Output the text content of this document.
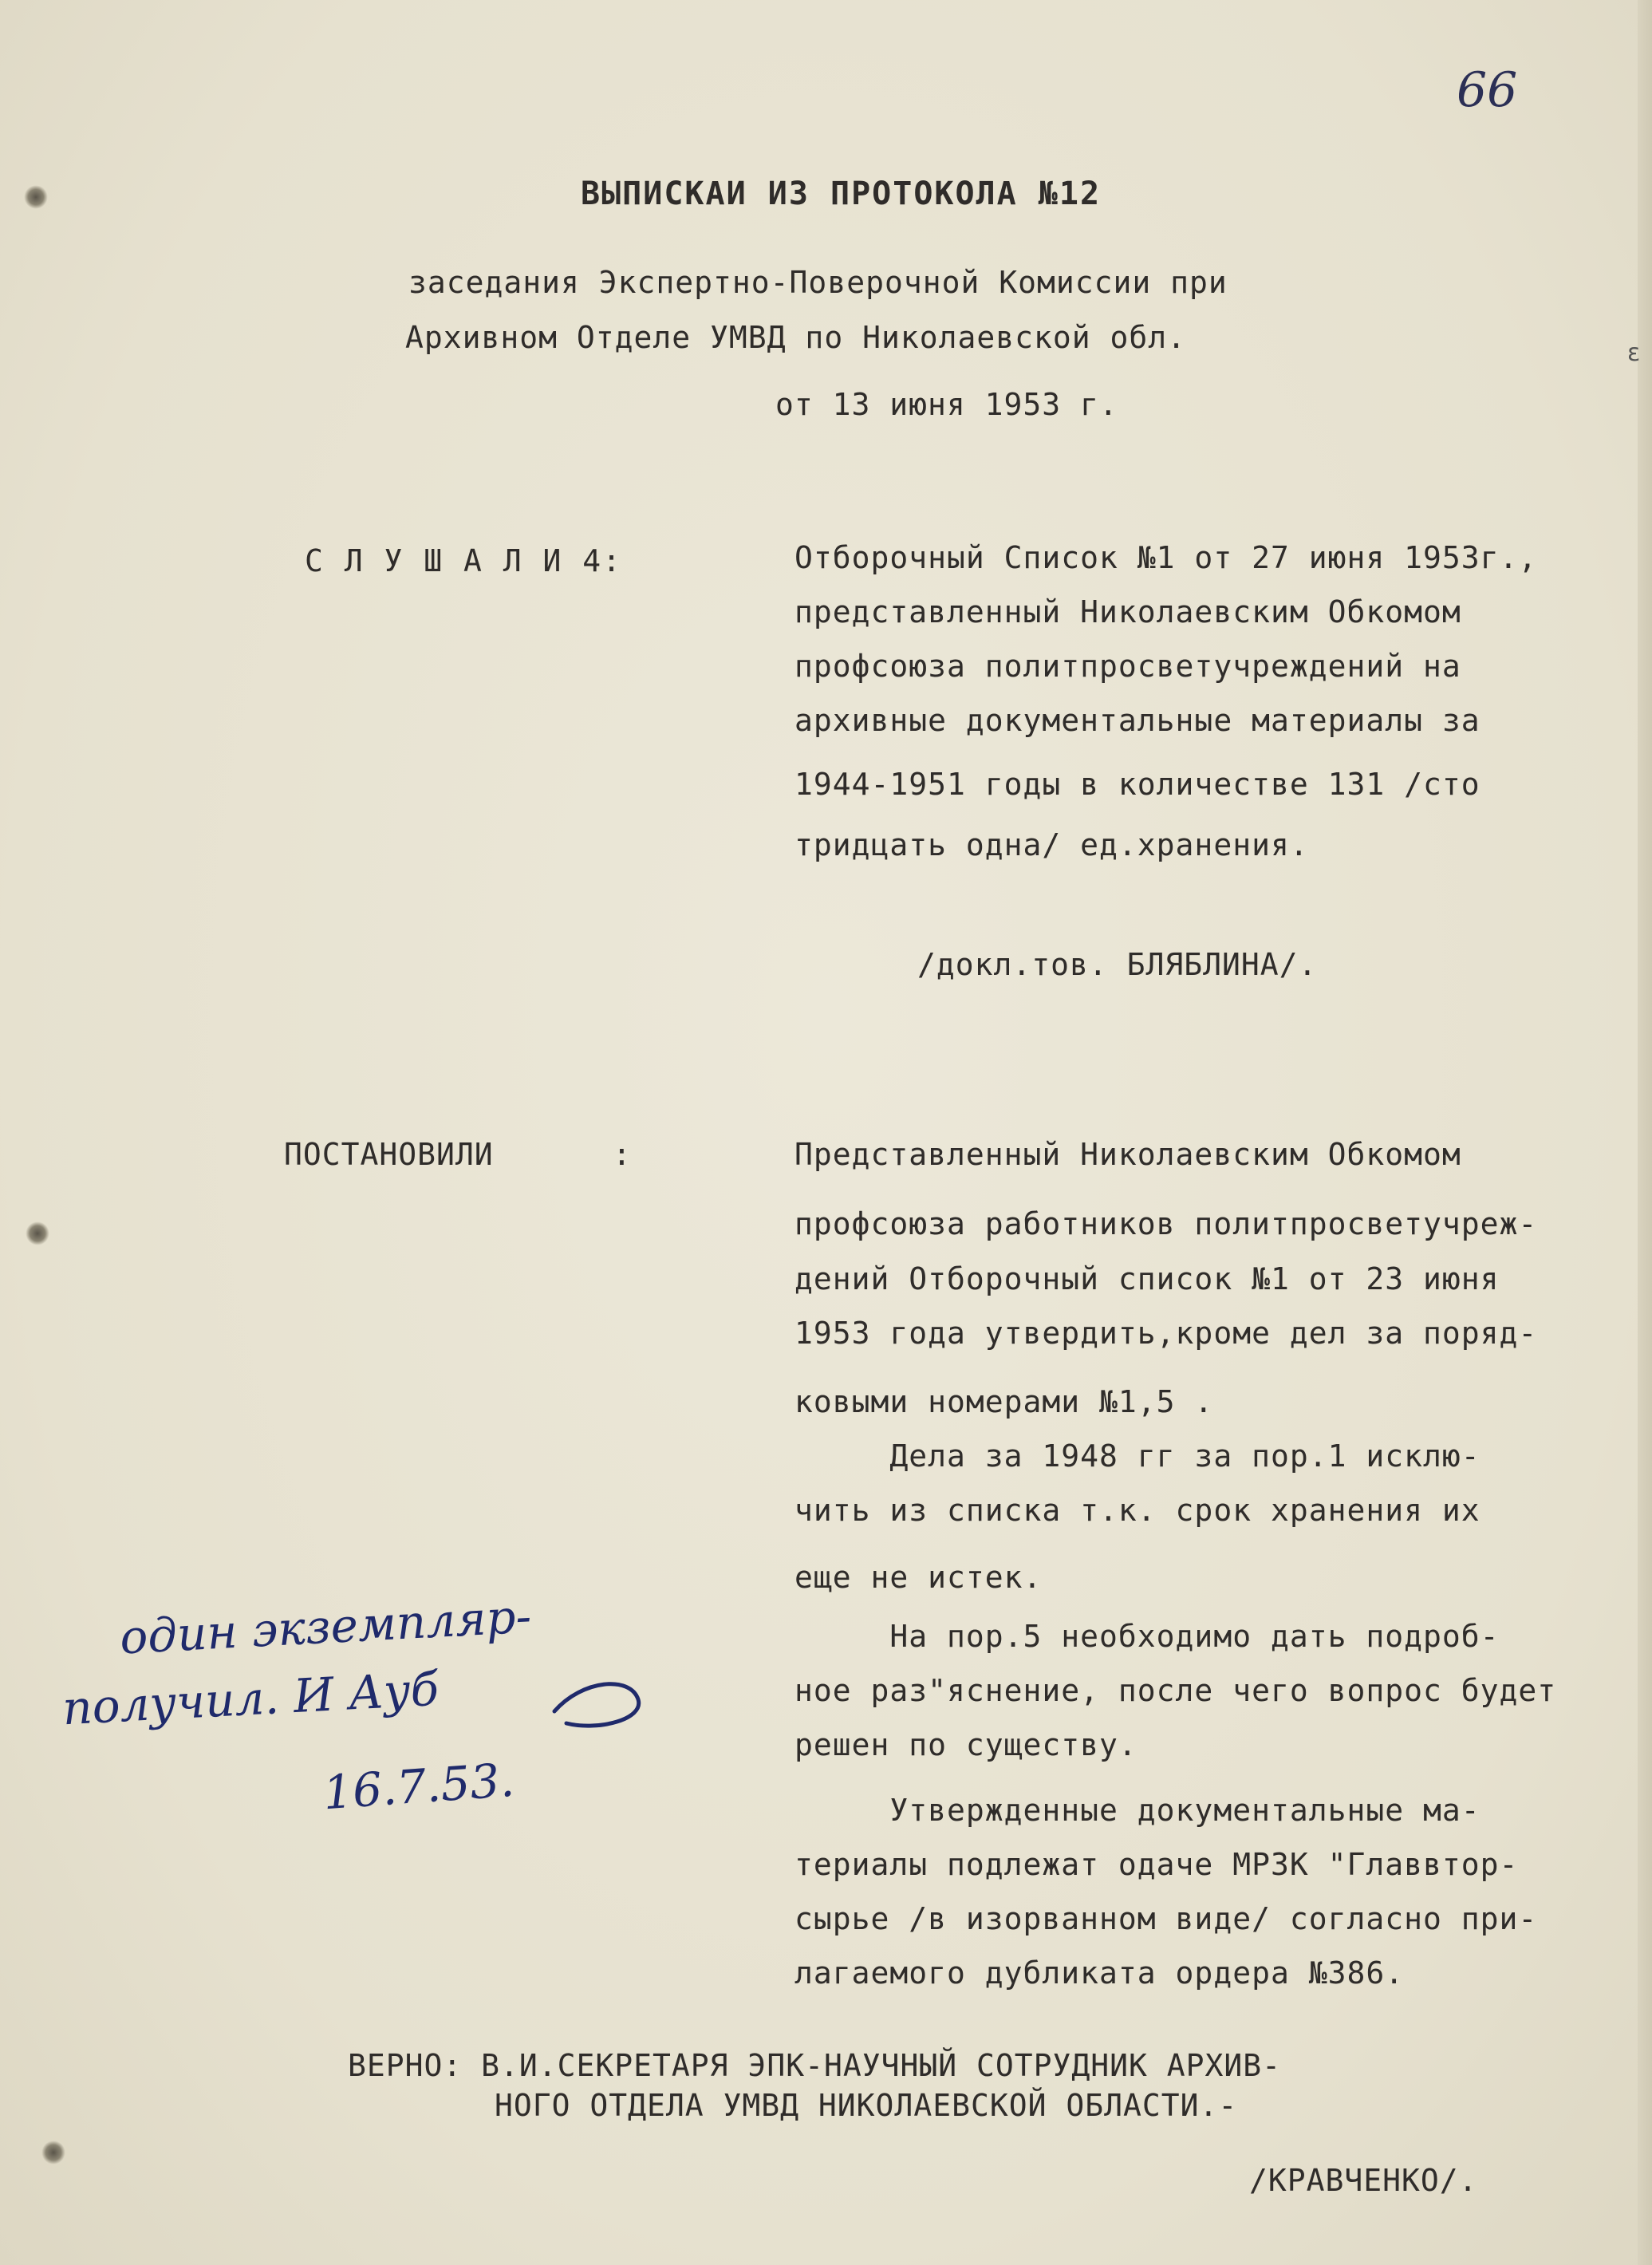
66
ε
ВЫПИСКАИ ИЗ ПРОТОКОЛА №12
заседания Экспертно-Поверочной Комиссии при
Архивном Отделе УМВД по Николаевской обл.
от 13 июня 1953 г.
С Л У Ш А Л И 4:	Отборочный Список №1 от 27 июня 1953г.,
представленный Николаевским Обкомом
профсоюза политпросветучреждений на
архивные документальные материалы за
1944-1951 годы в количестве 131 /сто
тридцать одна/ ед.хранения.
/докл.тов. БЛЯБЛИНА/.
ПОСТАНОВИЛИ	:	Представленный Николаевским Обкомом
профсоюза работников политпросветучреж-
дений Отборочный список №1 от 23 июня
1953 года утвердить,кроме дел за поряд-
ковыми номерами №1,5 .
Дела за 1948 гг за пор.1 исклю-
чить из списка т.к. срок хранения их
еще не истек.
На пор.5 необходимо дать подроб-
ное раз"яснение, после чего вопрос будет
решен по существу.
Утвержденные документальные ма-
териалы подлежат одаче МРЗК "Главвтор-
сырье /в изорванном виде/ согласно при-
лагаемого дубликата ордера №386.
один экземпляр-
получил. И Ауб
16.7.53.
ВЕРНО: В.И.СЕКРЕТАРЯ ЭПК-НАУЧНЫЙ СОТРУДНИК АРХИВ-
НОГО ОТДЕЛА УМВД НИКОЛАЕВСКОЙ ОБЛАСТИ.-
/КРАВЧЕНКО/.
